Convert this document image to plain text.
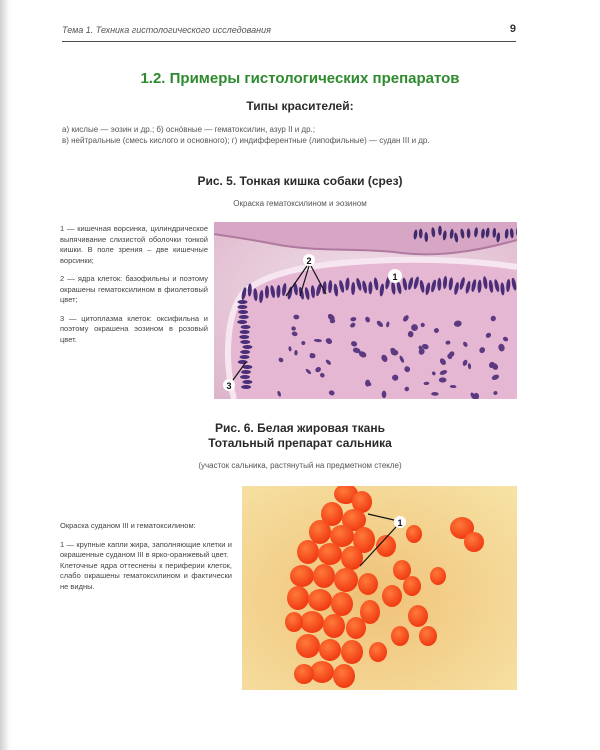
Тема 1. Техника гистологического исследования	9
1.2. Примеры гистологических препаратов
Типы красителей:
а) кислые — эозин и др.; б) оснóвные — гематоксилин, азур II и др.;
в) нейтральные (смесь кислого и основного); г) индифферентные (липофильные) — судан III и др.
Рис. 5. Тонкая кишка собаки (срез)
Окраска гематоксилином и эозином

1 — кишечная ворсинка, цилиндрическое выпячивание слизистой оболочки тонкой кишки. В поле зрения – две кишечные ворсинки;

2 — ядра клеток: базофильны и поэтому окрашены гематоксилином в фиолетовый цвет;

3 — цитоплазма клеток: оксифильна и поэтому окрашена эозином в розовый цвет.

1
2
3
Рис. 6. Белая жировая ткань
Тотальный препарат сальника
(участок сальника, растянутый на предметном стекле)

Окраска суданом III и гематоксилином:

1 — крупные капли жира, заполняющие клетки и окрашенные суданом III в ярко-оранжевый цвет.
Клеточные ядра оттеснены к периферии клеток, слабо окрашены гематоксилином и фактически не видны.
1
